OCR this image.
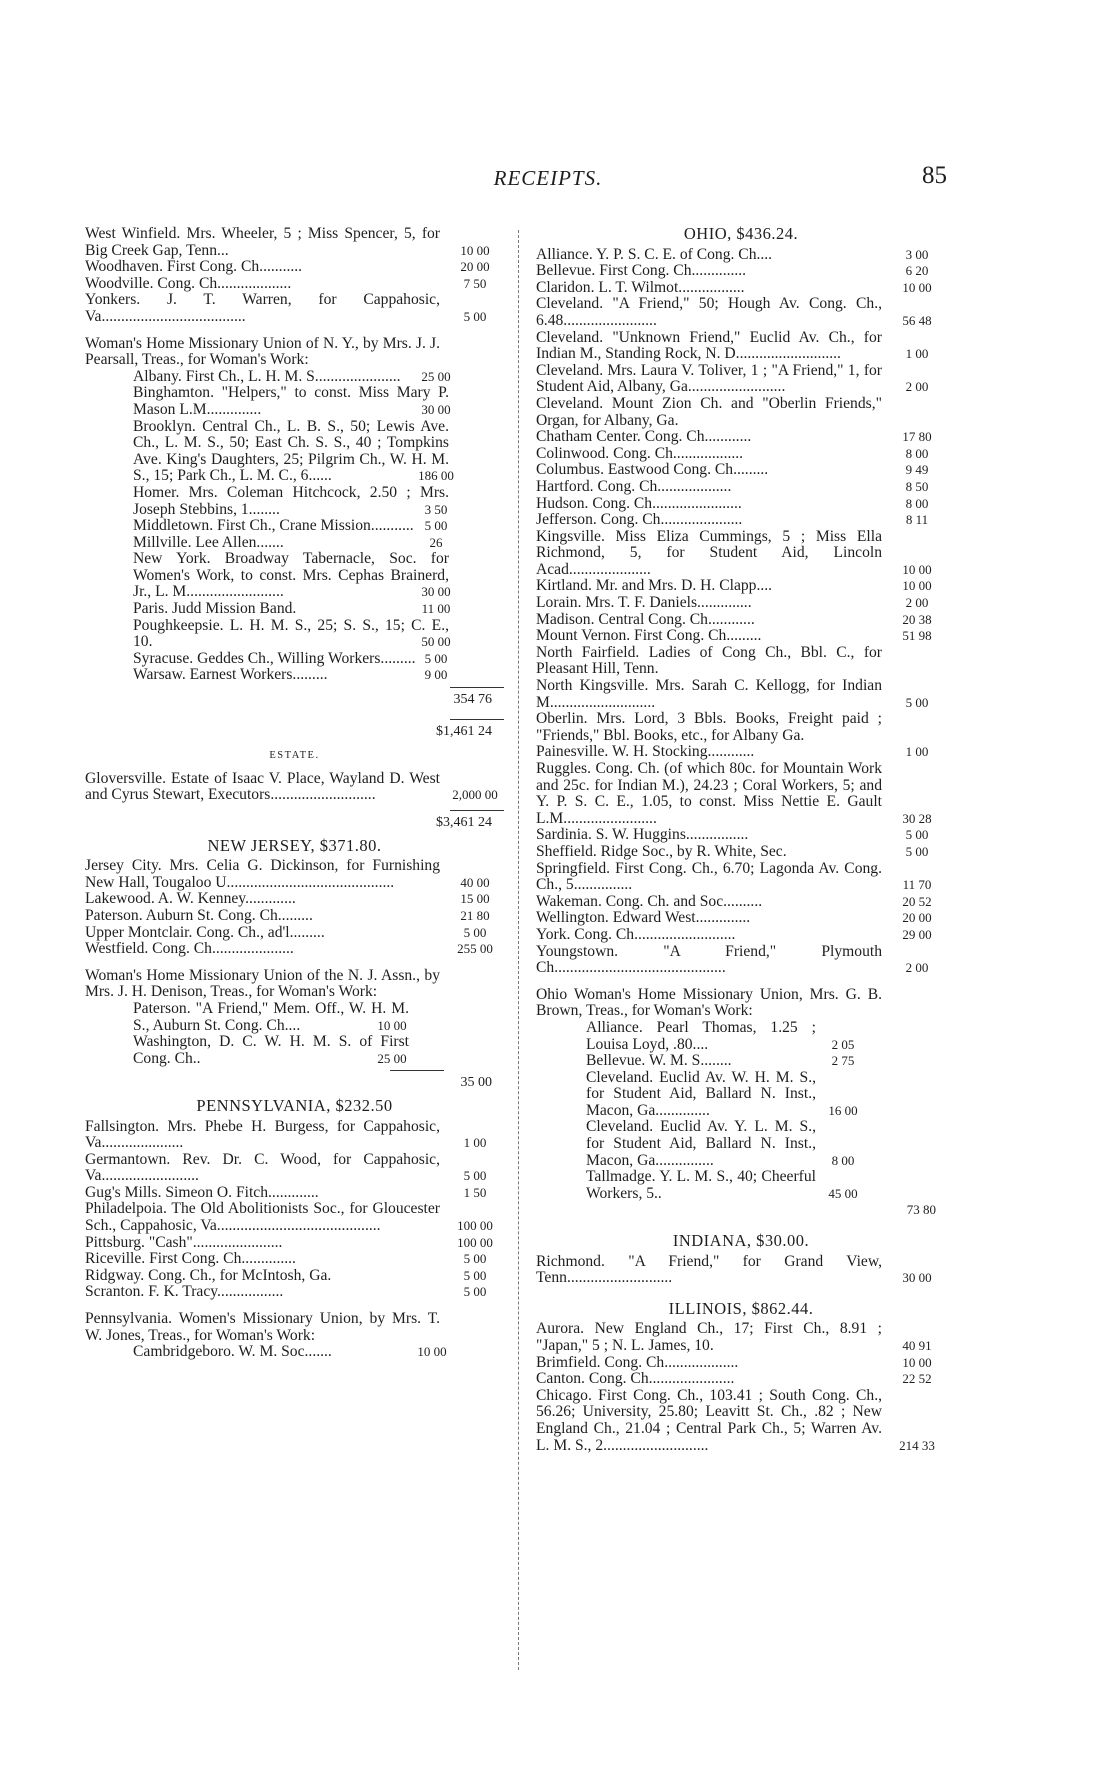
RECEIPTS.	85
West Winfield. Mrs. Wheeler, 5 ; Miss Spencer, 5, for Big Creek Gap, Tenn...	10 00
Woodhaven. First Cong. Ch...........	20 00
Woodville. Cong. Ch...................	7 50
Yonkers. J. T. Warren, for Cappahosic, Va.....................................	5 00
Woman's Home Missionary Union of N. Y., by Mrs. J. J. Pearsall, Treas., for Woman's Work:
Albany. First Ch., L. H. M. S......................	25 00
Binghamton. "Helpers," to const. Miss Mary P. Mason L.M..............	30 00
Brooklyn. Central Ch., L. B. S., 50; Lewis Ave. Ch., L. M. S., 50; East Ch. S. S., 40 ; Tompkins Ave. King's Daughters, 25; Pilgrim Ch., W. H. M. S., 15; Park Ch., L. M. C., 6......	186 00
Homer. Mrs. Coleman Hitchcock, 2.50 ; Mrs. Joseph Stebbins, 1........	3 50
Middletown. First Ch., Crane Mission........... 5 00
Millville. Lee Allen.......	26
New York. Broadway Tabernacle, Soc. for Women's Work, to const. Mrs. Cephas Brainerd, Jr., L. M.........................	30 00
Paris. Judd Mission Band.	11 00
Poughkeepsie. L. H. M. S., 25; S. S., 15; C. E., 10.	50 00
Syracuse. Geddes Ch., Willing Workers......... 5 00
Warsaw. Earnest Workers.........	9 00
354 76
$1,461 24
ESTATE.
Gloversville. Estate of Isaac V. Place, Wayland D. West and Cyrus Stewart, Executors...........................	2,000 00
$3,461 24
NEW JERSEY, $371.80.
Jersey City. Mrs. Celia G. Dickinson, for Furnishing New Hall, Tougaloo U...........................................	40 00
Lakewood. A. W. Kenney.............	15 00
Paterson. Auburn St. Cong. Ch.........	21 80
Upper Montclair. Cong. Ch., ad'l.........	5 00
Westfield. Cong. Ch.....................	255 00
Woman's Home Missionary Union of the N. J. Assn., by Mrs. J. H. Denison, Treas., for Woman's Work:
Paterson. "A Friend," Mem. Off., W. H. M. S., Auburn St. Cong. Ch....	10 00
Washington, D. C. W. H. M. S. of First Cong. Ch..	25 00
35 00
PENNSYLVANIA, $232.50
Fallsington. Mrs. Phebe H. Burgess, for Cappahosic, Va.....................	1 00
Germantown. Rev. Dr. C. Wood, for Cappahosic, Va.........................	5 00
Gug's Mills. Simeon O. Fitch.............	1 50
Philadelpoia. The Old Abolitionists Soc., for Gloucester Sch., Cappahosic, Va..........................................	100 00
Pittsburg. "Cash".......................	100 00
Riceville. First Cong. Ch..............	5 00
Ridgway. Cong. Ch., for McIntosh, Ga.	5 00
Scranton. F. K. Tracy.................	5 00
Pennsylvania. Women's Missionary Union, by Mrs. T. W. Jones, Treas., for Woman's Work:
Cambridgeboro. W. M. Soc.......	10 00
OHIO, $436.24.
Alliance. Y. P. S. C. E. of Cong. Ch....	3 00
Bellevue. First Cong. Ch..............	6 20
Claridon. L. T. Wilmot.................	10 00
Cleveland. "A Friend," 50; Hough Av. Cong. Ch., 6.48........................	56 48
Cleveland. "Unknown Friend," Euclid Av. Ch., for Indian M., Standing Rock, N. D...........................	1 00
Cleveland. Mrs. Laura V. Toliver, 1 ; "A Friend," 1, for Student Aid, Albany, Ga.........................	2 00
Cleveland. Mount Zion Ch. and "Oberlin Friends," Organ, for Albany, Ga.
Chatham Center. Cong. Ch............	17 80
Colinwood. Cong. Ch..................	8 00
Columbus. Eastwood Cong. Ch.........	9 49
Hartford. Cong. Ch...................	8 50
Hudson. Cong. Ch.......................	8 00
Jefferson. Cong. Ch.....................	8 11
Kingsville. Miss Eliza Cummings, 5 ; Miss Ella Richmond, 5, for Student Aid, Lincoln Acad.....................	10 00
Kirtland. Mr. and Mrs. D. H. Clapp....	10 00
Lorain. Mrs. T. F. Daniels..............	2 00
Madison. Central Cong. Ch............	20 38
Mount Vernon. First Cong. Ch.........	51 98
North Fairfield. Ladies of Cong Ch., Bbl. C., for Pleasant Hill, Tenn.
North Kingsville. Mrs. Sarah C. Kellogg, for Indian M...........................	5 00
Oberlin. Mrs. Lord, 3 Bbls. Books, Freight paid ; "Friends," Bbl. Books, etc., for Albany Ga.
Painesville. W. H. Stocking............	1 00
Ruggles. Cong. Ch. (of which 80c. for Mountain Work and 25c. for Indian M.), 24.23 ; Coral Workers, 5; and Y. P. S. C. E., 1.05, to const. Miss Nettie E. Gault L.M........................	30 28
Sardinia. S. W. Huggins................	5 00
Sheffield. Ridge Soc., by R. White, Sec.	5 00
Springfield. First Cong. Ch., 6.70; Lagonda Av. Cong. Ch., 5...............	11 70
Wakeman. Cong. Ch. and Soc..........	20 52
Wellington. Edward West..............	20 00
York. Cong. Ch..........................	29 00
Youngstown. "A Friend," Plymouth Ch............................................	2 00
Ohio Woman's Home Missionary Union, Mrs. G. B. Brown, Treas., for Woman's Work:
Alliance. Pearl Thomas, 1.25 ; Louisa Loyd, .80....	2 05
Bellevue. W. M. S........	2 75
Cleveland. Euclid Av. W. H. M. S., for Student Aid, Ballard N. Inst., Macon, Ga..............	16 00
Cleveland. Euclid Av. Y. L. M. S., for Student Aid, Ballard N. Inst., Macon, Ga...............	8 00
Tallmadge. Y. L. M. S., 40; Cheerful Workers, 5..	45 00
73 80
INDIANA, $30.00.
Richmond. "A Friend," for Grand View, Tenn...........................	30 00
ILLINOIS, $862.44.
Aurora. New England Ch., 17; First Ch., 8.91 ; "Japan," 5 ; N. L. James, 10.	40 91
Brimfield. Cong. Ch...................	10 00
Canton. Cong. Ch......................	22 52
Chicago. First Cong. Ch., 103.41 ; South Cong. Ch., 56.26; University, 25.80; Leavitt St. Ch., .82 ; New England Ch., 21.04 ; Central Park Ch., 5; Warren Av. L. M. S., 2...........................	214 33
